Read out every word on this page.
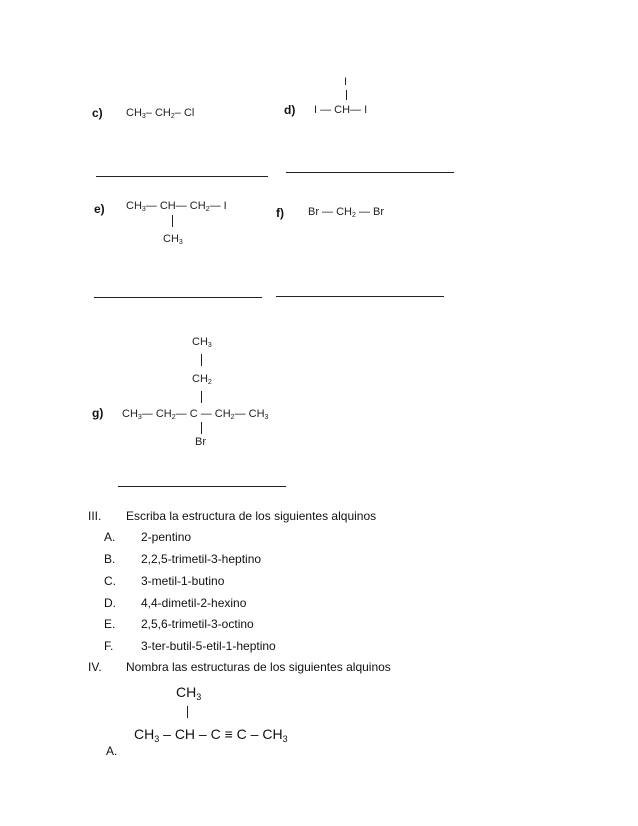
c) $CH_3-$ $CH_2-$ Cl
I
d) I — CH— I
e) $CH_3—$ CH— $CH_2—$ I
$CH_3$
f) Br — $CH_2$ — Br
$CH_3$
$CH_2$
g) $CH_3—$ $CH_2—$ C — $CH_2—$ $CH_3$
Br
III. Escriba la estructura de los siguientes alquinos
A. 2-pentino
B. 2,2,5-trimetil-3-heptino
C. 3-metil-1-butino
D. 4,4-dimetil-2-hexino
E. 2,5,6-trimetil-3-octino
F. 3-ter-butil-5-etil-1-heptino
IV. Nombra las estructuras de los siguientes alquinos
$CH_3$
$CH_3$ – CH – $C \equiv C - CH_3$
A.
